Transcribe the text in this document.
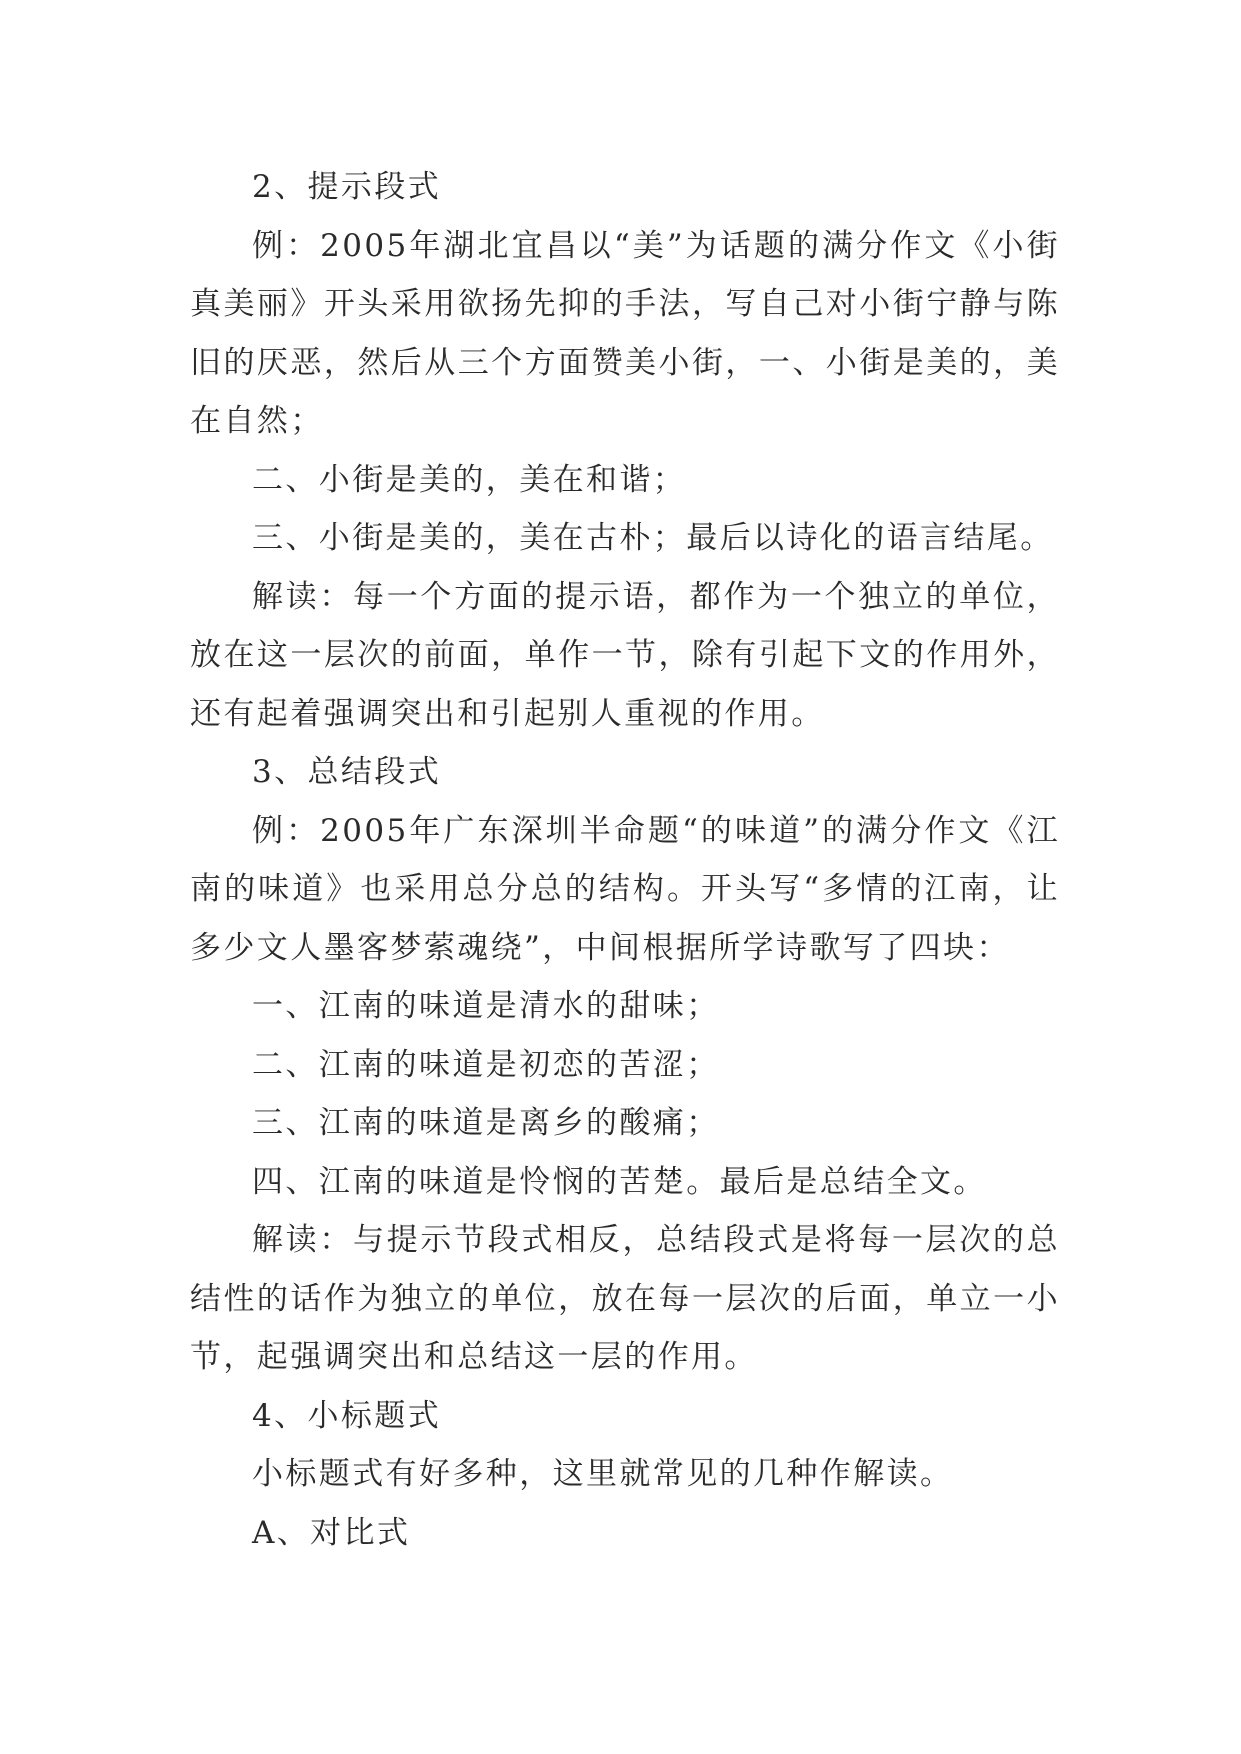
2、提示段式

例：2005年湖北宜昌以“美”为话题的满分作文《小街真美丽》开头采用欲扬先抑的手法，写自己对小街宁静与陈旧的厌恶，然后从三个方面赞美小街，一、小街是美的，美在自然；

二、小街是美的，美在和谐；

三、小街是美的，美在古朴；最后以诗化的语言结尾。

解读：每一个方面的提示语，都作为一个独立的单位，放在这一层次的前面，单作一节，除有引起下文的作用外，还有起着强调突出和引起别人重视的作用。

3、总结段式

例：2005年广东深圳半命题“的味道”的满分作文《江南的味道》也采用总分总的结构。开头写“多情的江南，让多少文人墨客梦萦魂绕”，中间根据所学诗歌写了四块：

一、江南的味道是清水的甜味；

二、江南的味道是初恋的苦涩；

三、江南的味道是离乡的酸痛；

四、江南的味道是怜悯的苦楚。最后是总结全文。

解读：与提示节段式相反，总结段式是将每一层次的总结性的话作为独立的单位，放在每一层次的后面，单立一小节，起强调突出和总结这一层的作用。

4、小标题式

小标题式有好多种，这里就常见的几种作解读。

A、对比式
